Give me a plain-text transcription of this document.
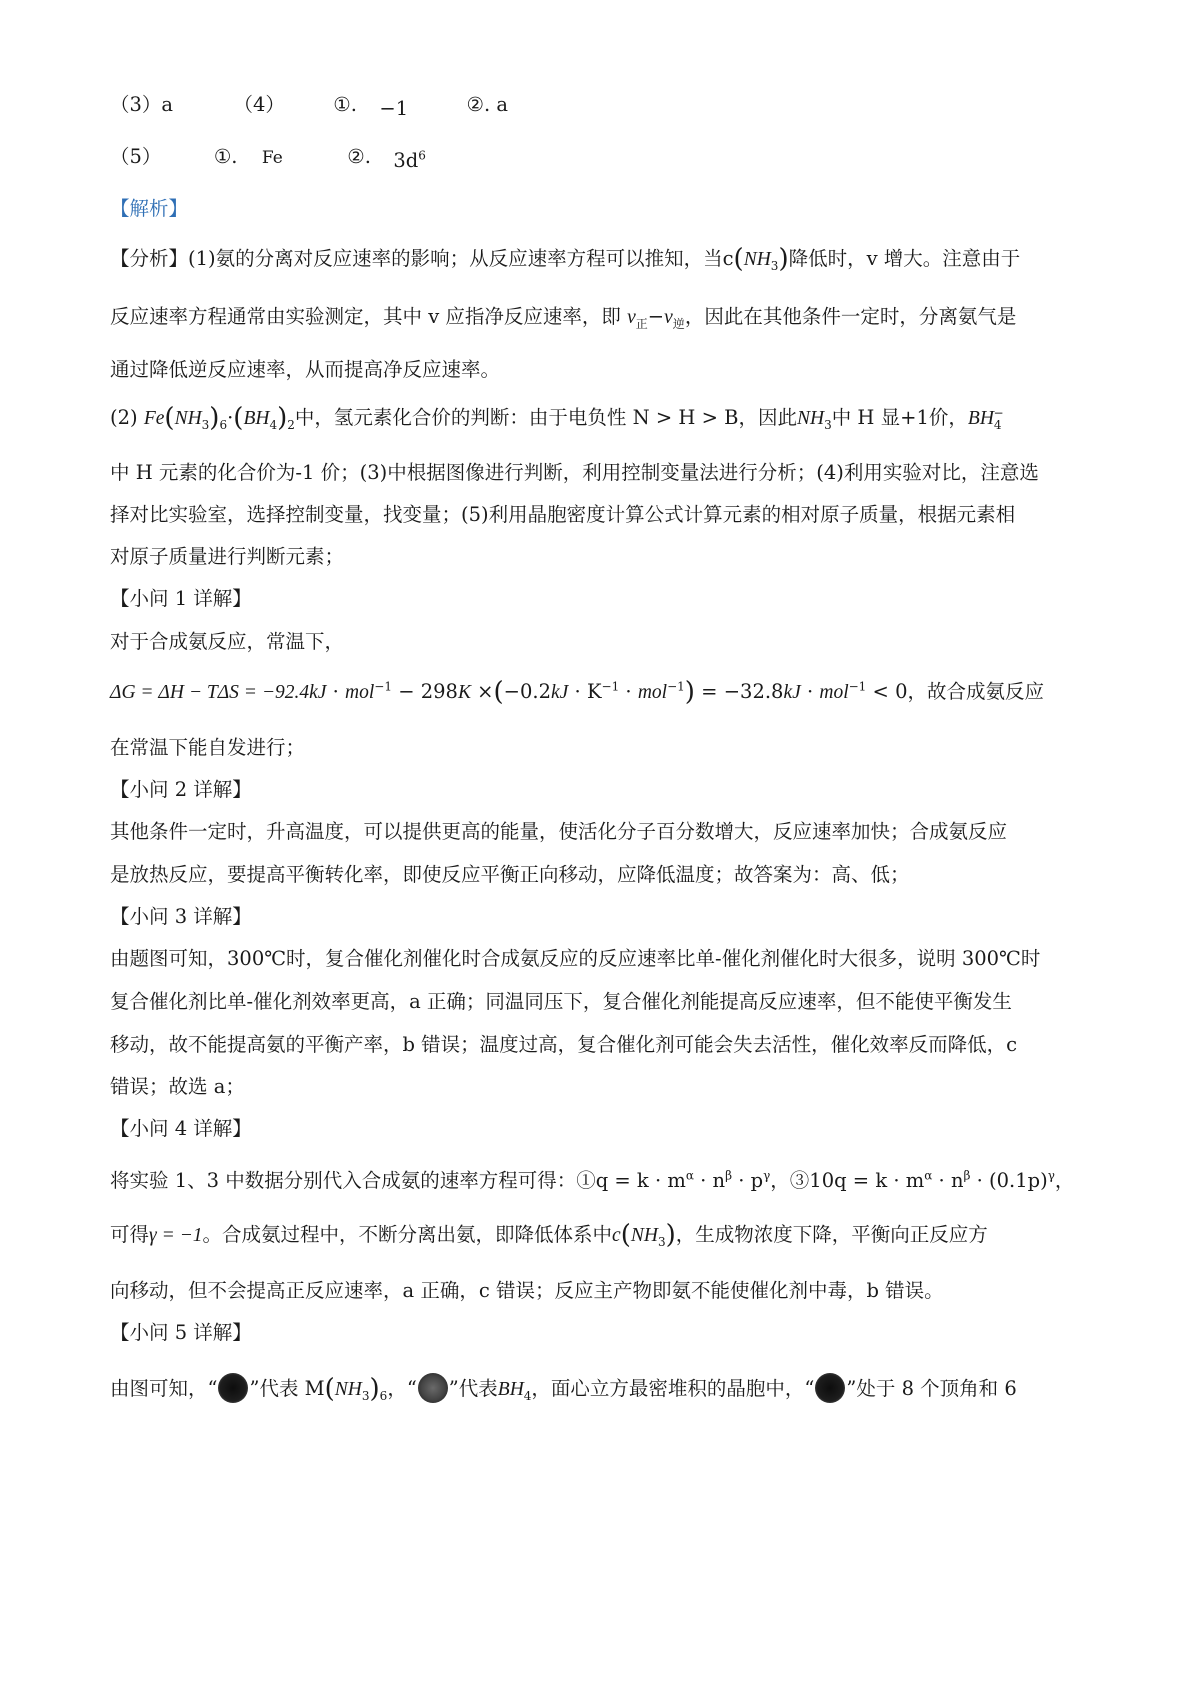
（3）a	（4） ①. −1	②. a
（5）	①. Fe	②. $3d^6$
【解析】
【分析】(1)氨的分离对反应速率的影响；从反应速率方程可以推知，当$c(NH_3)$降低时，v 增大。注意由于
反应速率方程通常由实验测定，其中 v 应指净反应速率，即 $v_正-v_逆$，因此在其他条件一定时，分离氨气是
通过降低逆反应速率，从而提高净反应速率。
(2) $Fe(NH_3)_6\cdot(BH_4)_2$中，氢元素化合价的判断：由于电负性 N > H > B，因此$NH_3$中 H 显+1价，$BH_4^-$
中 H 元素的化合价为-1 价；(3)中根据图像进行判断，利用控制变量法进行分析；(4)利用实验对比，注意选
择对比实验室，选择控制变量，找变量；(5)利用晶胞密度计算公式计算元素的相对原子质量，根据元素相
对原子质量进行判断元素；
【小问 1 详解】
对于合成氨反应，常温下，
$\Delta G = \Delta H - T\Delta S = -92.4kJ \cdot mol^{-1} - 298K \times(-0.2kJ \cdot K^{-1} \cdot mol^{-1}) = -32.8kJ \cdot mol^{-1} < 0$，故合成氨反应
在常温下能自发进行；
【小问 2 详解】
其他条件一定时，升高温度，可以提供更高的能量，使活化分子百分数增大，反应速率加快；合成氨反应
是放热反应，要提高平衡转化率，即使反应平衡正向移动，应降低温度；故答案为：高、低；
【小问 3 详解】
由题图可知，300℃时，复合催化剂催化时合成氨反应的反应速率比单-催化剂催化时大很多，说明 300℃时
复合催化剂比单-催化剂效率更高，a 正确；同温同压下，复合催化剂能提高反应速率，但不能使平衡发生
移动，故不能提高氨的平衡产率，b 错误；温度过高，复合催化剂可能会失去活性，催化效率反而降低，c
错误；故选 a；
【小问 4 详解】
将实验 1、3 中数据分别代入合成氨的速率方程可得：①q = $k \cdot m^\alpha \cdot n^\beta \cdot p^\gamma$，③10q = $k \cdot m^\alpha \cdot n^\beta \cdot (0.1p)^\gamma$，
可得γ = −1。合成氨过程中，不断分离出氨，即降低体系中$c(NH_3)$，生成物浓度下降，平衡向正反应方
向移动，但不会提高正反应速率，a 正确，c 错误；反应主产物即氨不能使催化剂中毒，b 错误。
【小问 5 详解】
由图可知，“ ”代表 $M(NH_3)_6$，“ ”代表$BH_4$，面心立方最密堆积的晶胞中，“ ”处于 8 个顶角和 6
